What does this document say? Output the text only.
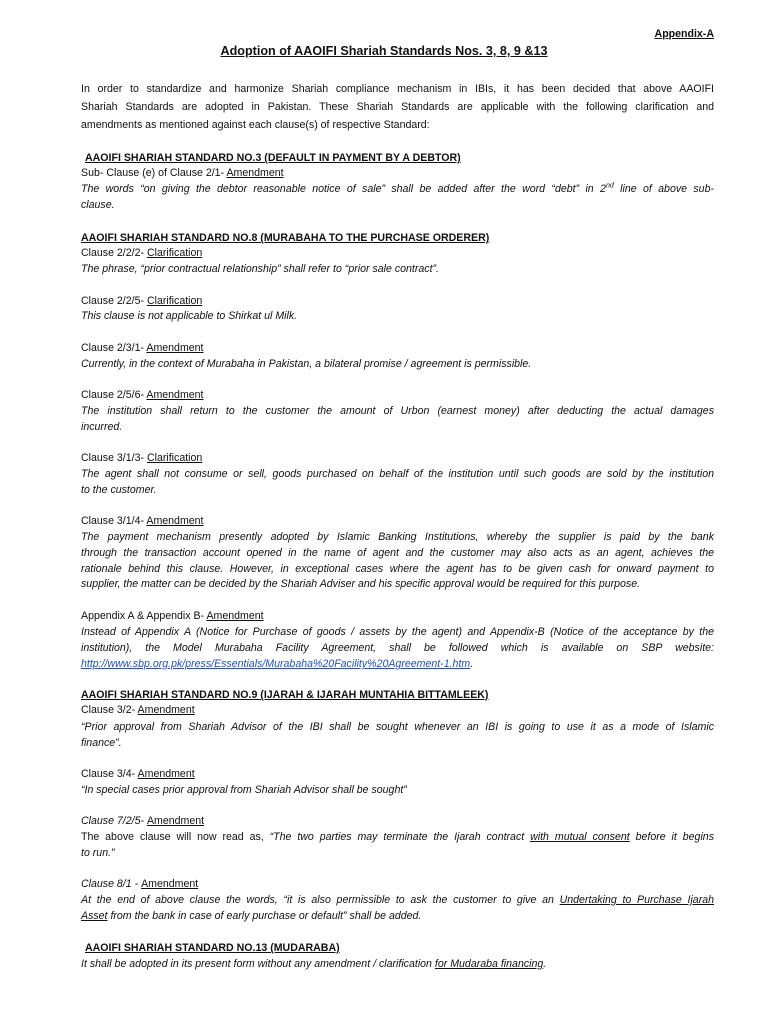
Appendix-A
Adoption of AAOIFI Shariah Standards Nos. 3, 8, 9 &13
In order to standardize and harmonize Shariah compliance mechanism in IBIs, it has been decided that above AAOIFI
Shariah Standards are adopted in Pakistan. These Shariah Standards are applicable with the following clarification and
amendments as mentioned against each clause(s) of respective Standard:
AAOIFI SHARIAH STANDARD NO.3 (DEFAULT IN PAYMENT BY A DEBTOR)
Sub- Clause (e) of Clause 2/1- Amendment
The words “on giving the debtor reasonable notice of sale” shall be added after the word “debt” in 2nd line of above sub-
clause.
AAOIFI SHARIAH STANDARD NO.8 (MURABAHA TO THE PURCHASE ORDERER)
Clause 2/2/2- Clarification
The phrase, “prior contractual relationship” shall refer to “prior sale contract”.
Clause 2/2/5- Clarification
This clause is not applicable to Shirkat ul Milk.
Clause 2/3/1- Amendment
Currently, in the context of Murabaha in Pakistan, a bilateral promise / agreement is permissible.
Clause 2/5/6- Amendment
The institution shall return to the customer the amount of Urbon (earnest money) after deducting the actual damages
incurred.
Clause 3/1/3- Clarification
The agent shall not consume or sell, goods purchased on behalf of the institution until such goods are sold by the institution
to the customer.
Clause 3/1/4- Amendment
The payment mechanism presently adopted by Islamic Banking Institutions, whereby the supplier is paid by the bank
through the transaction account opened in the name of agent and the customer may also acts as an agent, achieves the
rationale behind this clause. However, in exceptional cases where the agent has to be given cash for onward payment to
supplier, the matter can be decided by the Shariah Adviser and his specific approval would be required for this purpose.
Appendix A & Appendix B- Amendment
Instead of Appendix A (Notice for Purchase of goods / assets by the agent) and Appendix-B (Notice of the acceptance by the
institution), the Model Murabaha Facility Agreement, shall be followed which is available on SBP website:
http://www.sbp.org.pk/press/Essentials/Murabaha%20Facility%20Agreement-1.htm.
AAOIFI SHARIAH STANDARD NO.9 (IJARAH & IJARAH MUNTAHIA BITTAMLEEK)
Clause 3/2- Amendment
“Prior approval from Shariah Advisor of the IBI shall be sought whenever an IBI is going to use it as a mode of Islamic
finance”.
Clause 3/4- Amendment
“In special cases prior approval from Shariah Advisor shall be sought”
Clause 7/2/5- Amendment
The above clause will now read as, “The two parties may terminate the Ijarah contract with mutual consent before it begins
to run.”
Clause 8/1 - Amendment
At the end of above clause the words, “it is also permissible to ask the customer to give an Undertaking to Purchase Ijarah
Asset from the bank in case of early purchase or default” shall be added.
AAOIFI SHARIAH STANDARD NO.13 (MUDARABA)
It shall be adopted in its present form without any amendment / clarification for Mudaraba financing.
